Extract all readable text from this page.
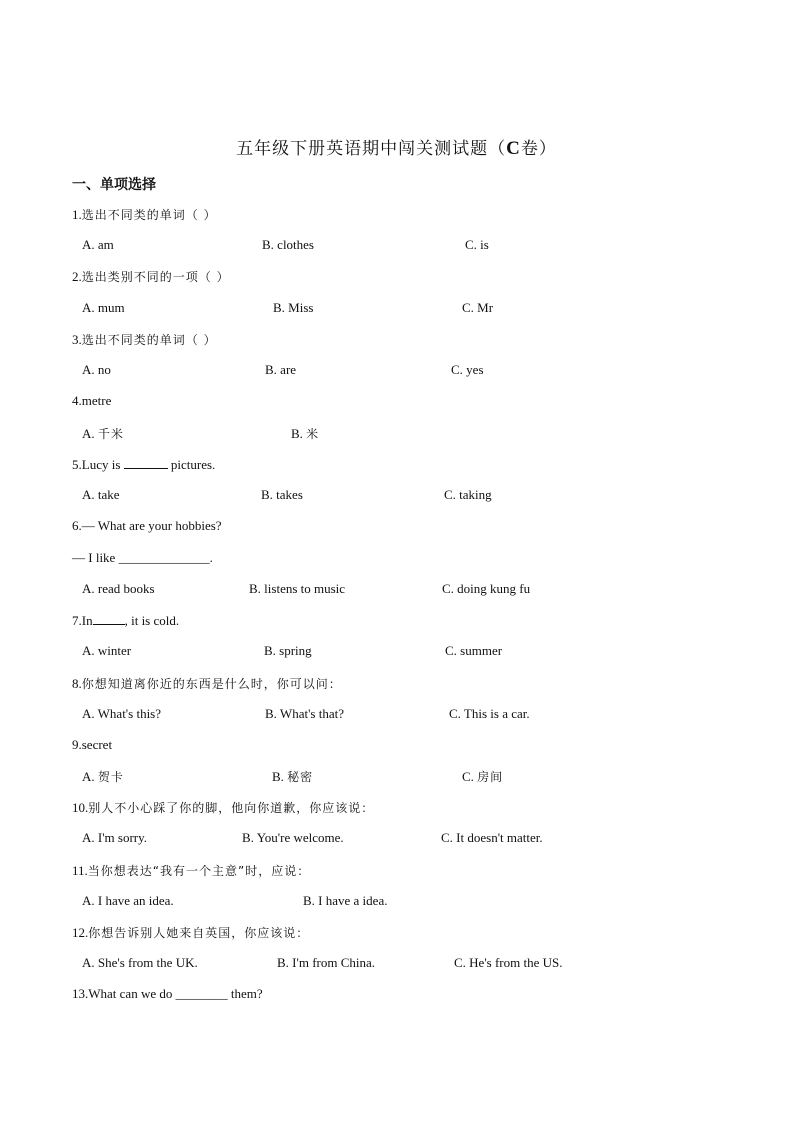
五年级下册英语期中闯关测试题（C卷）
一、单项选择
1.选出不同类的单词（ ）
A. am	B. clothes	C. is
2.选出类别不同的一项（ ）
A. mum	B. Miss	C. Mr
3.选出不同类的单词（ ）
A. no	B. are	C. yes
4.metre
A. 千米	B. 米
5.Lucy is	pictures.
A. take	B. takes	C. taking
6.— What are your hobbies?
— I like ______________.
A. read books	B. listens to music	C. doing kung fu
7.In , it is cold.
A. winter	B. spring	C. summer
8.你想知道离你近的东西是什么时，你可以问：
A. What's this?	B. What's that?	C. This is a car.
9.secret
A. 贺卡	B. 秘密	C. 房间
10.别人不小心踩了你的脚，他向你道歉，你应该说：
A. I'm sorry.	B. You're welcome.	C. It doesn't matter.
11.当你想表达“我有一个主意”时，应说：
A. I have an idea.	B. I have a idea.
12.你想告诉别人她来自英国，你应该说：
A. She's from the UK.	B. I'm from China.	C. He's from the US.
13.What can we do ________ them?
